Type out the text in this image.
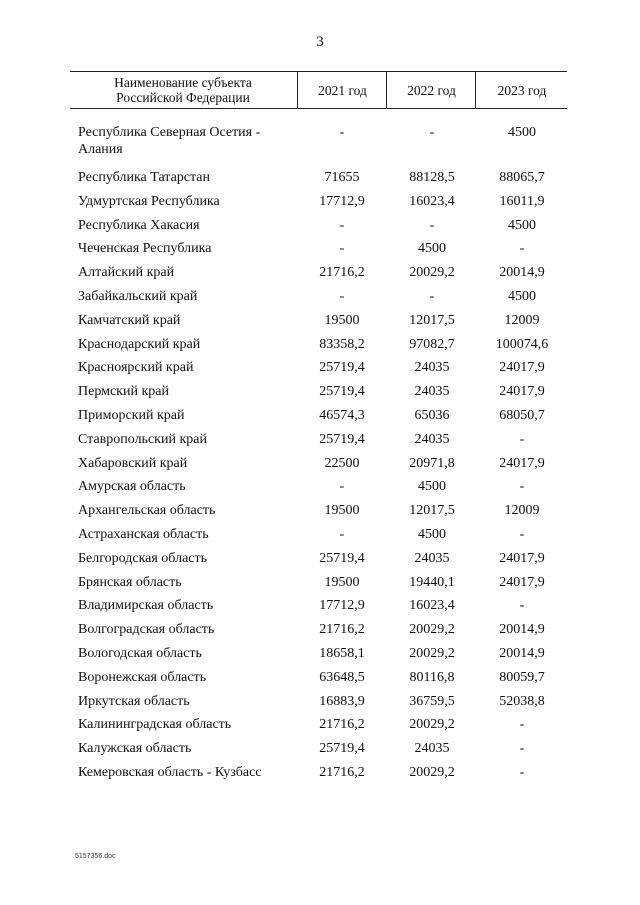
3
Наименование субъекта
Российской Федерации	2021 год	2022 год	2023 год
Республика Северная Осетия - Алания
-	-	4500
Республика Татарстан	71655	88128,5	88065,7
Удмуртская Республика	17712,9	16023,4	16011,9
Республика Хакасия	-	-	4500
Чеченская Республика	-	4500	-
Алтайский край	21716,2	20029,2	20014,9
Забайкальский край	-	-	4500
Камчатский край	19500	12017,5	12009
Краснодарский край	83358,2	97082,7	100074,6
Красноярский край	25719,4	24035	24017,9
Пермский край	25719,4	24035	24017,9
Приморский край	46574,3	65036	68050,7
Ставропольский край	25719,4	24035	-
Хабаровский край	22500	20971,8	24017,9
Амурская область	-	4500	-
Архангельская область	19500	12017,5	12009
Астраханская область	-	4500	-
Белгородская область	25719,4	24035	24017,9
Брянская область	19500	19440,1	24017,9
Владимирская область	17712,9	16023,4	-
Волгоградская область	21716,2	20029,2	20014,9
Вологодская область	18658,1	20029,2	20014,9
Воронежская область	63648,5	80116,8	80059,7
Иркутская область	16883,9	36759,5	52038,8
Калининградская область	21716,2	20029,2	-
Калужская область	25719,4	24035	-
Кемеровская область - Кузбасс	21716,2	20029,2	-
5157356.doc
